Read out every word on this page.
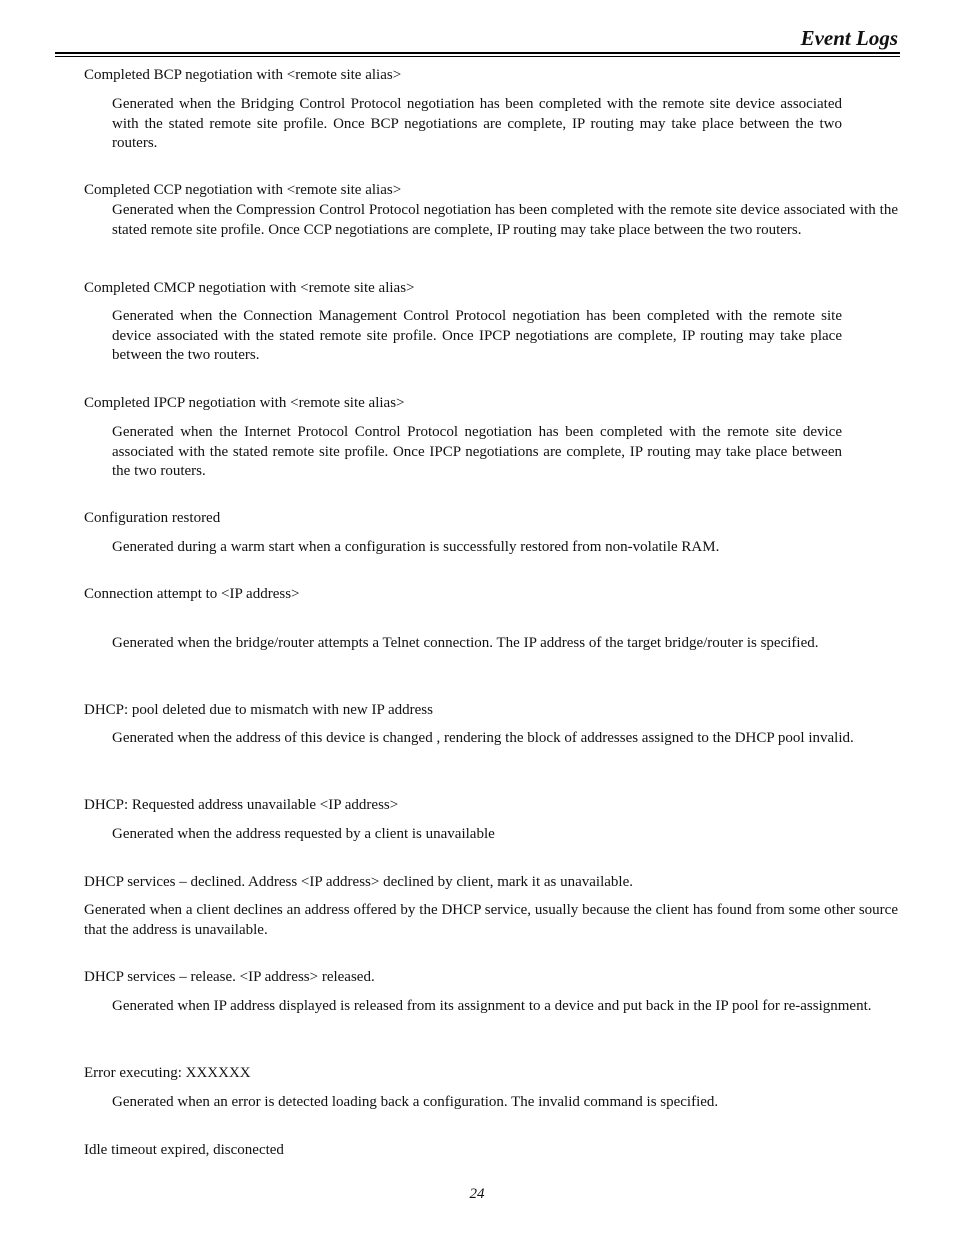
Event Logs
Completed BCP negotiation with <remote site alias>
Generated when the Bridging Control Protocol negotiation has been completed with the remote site device associated with the stated remote site profile. Once BCP negotiations are complete, IP routing may take place between the two routers.
Completed CCP negotiation with <remote site alias>
Generated when the Compression Control Protocol negotiation has been completed with the remote site device associated with the stated remote site profile. Once CCP negotiations are complete, IP routing may take place between the two routers.
Completed CMCP negotiation with <remote site alias>
Generated when the Connection Management Control Protocol negotiation has been completed with the remote site device associated with the stated remote site profile. Once IPCP negotiations are complete, IP routing may take place between the two routers.
Completed IPCP negotiation with <remote site alias>
Generated when the Internet Protocol Control Protocol negotiation has been completed with the remote site device associated with the stated remote site profile. Once IPCP negotiations are complete, IP routing may take place between the two routers.
Configuration restored
Generated during a warm start when a configuration is successfully restored from non-volatile RAM.
Connection attempt to <IP address>
Generated when the bridge/router attempts a Telnet connection. The IP address of the target bridge/router is specified.
DHCP: pool deleted due to mismatch with new IP address
Generated when the address of this device is changed , rendering the block of addresses assigned to the DHCP pool invalid.
DHCP: Requested address unavailable <IP address>
Generated when the address requested by a client is unavailable
DHCP services – declined. Address <IP address> declined by client, mark it as unavailable.
Generated when a client declines an address offered by the DHCP service, usually because the client has found from some other source that the address is unavailable.
DHCP services – release. <IP address> released.
Generated when IP address displayed is released from its assignment to a device and put back in the IP pool for re-assignment.
Error executing: XXXXXX
Generated when an error is detected loading back a configuration. The invalid command is specified.
Idle timeout expired, disconected
24
